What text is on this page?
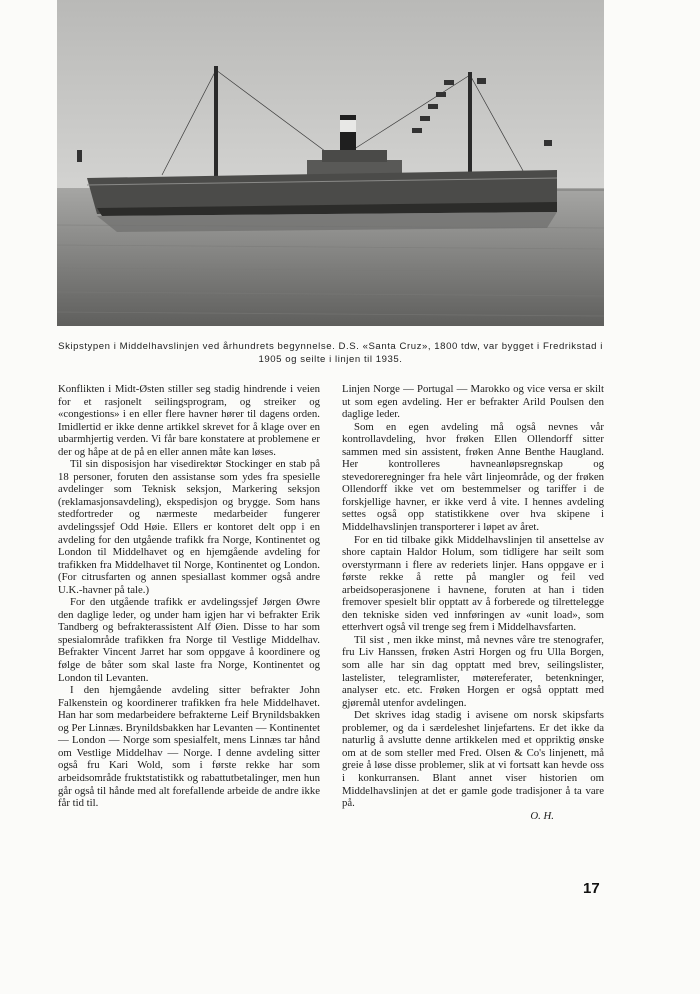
Skipstypen i Middelhavslinjen ved århundrets begynnelse. D.S. «Santa Cruz», 1800 tdw, var bygget i Fredrikstad i 1905 og seilte i linjen til 1935.

Konflikten i Midt-Østen stiller seg stadig hindrende i veien for et rasjonelt seilingsprogram, og streiker og «congestions» i en eller flere havner hører til dagens orden. Imidlertid er ikke denne artikkel skrevet for å klage over en ubarmhjertig verden. Vi får bare konstatere at problemene er der og håpe at de på en eller annen måte kan løses.

Til sin disposisjon har visedirektør Stockinger en stab på 18 personer, foruten den assistanse som ydes fra spesielle avdelinger som Teknisk seksjon, Markering seksjon (reklamasjonsavdeling), ekspedisjon og brygge. Som hans stedfortreder og nærmeste medarbeider fungerer avdelingssjef Odd Høie. Ellers er kontoret delt opp i en avdeling for den utgående trafikk fra Norge, Kontinentet og London til Middelhavet og en hjemgående avdeling for trafikken fra Middelhavet til Norge, Kontinentet og London. (For citrusfarten og annen spesiallast kommer også andre U.K.-havner på tale.)

For den utgående trafikk er avdelingssjef Jørgen Øwre den daglige leder, og under ham igjen har vi befrakter Erik Tandberg og befrakterassistent Alf Øien. Disse to har som spesialområde trafikken fra Norge til Vestlige Middelhav. Befrakter Vincent Jarret har som oppgave å koordinere og følge de båter som skal laste fra Norge, Kontinentet og London til Levanten.

I den hjemgående avdeling sitter befrakter John Falkenstein og koordinerer trafikken fra hele Middelhavet. Han har som medarbeidere befrakterne Leif Brynildsbakken og Per Linnæs. Brynildsbakken har Levanten — Kontinentet — London — Norge som spesialfelt, mens Linnæs tar hånd om Vestlige Middelhav — Norge. I denne avdeling sitter også fru Kari Wold, som i første rekke har som arbeidsområde fruktstatistikk og rabattutbetalinger, men hun går også til hånde med alt forefallende arbeide de andre ikke får tid til.

Linjen Norge — Portugal — Marokko og vice versa er skilt ut som egen avdeling. Her er befrakter Arild Poulsen den daglige leder.

Som en egen avdeling må også nevnes vår kontrollavdeling, hvor frøken Ellen Ollendorff sitter sammen med sin assistent, frøken Anne Benthe Haugland. Her kontrolleres havneanløpsregnskap og stevedoreregninger fra hele vårt linjeområde, og der frøken Ollendorff ikke vet om bestemmelser og tariffer i de forskjellige havner, er ikke verd å vite. I hennes avdeling settes også opp statistikkene over hva skipene i Middelhavslinjen transporterer i løpet av året.

For en tid tilbake gikk Middelhavslinjen til ansettelse av shore captain Haldor Holum, som tidligere har seilt som overstyrmann i flere av rederiets linjer. Hans oppgave er i første rekke å rette på mangler og feil ved arbeidsoperasjonene i havnene, foruten at han i tiden fremover spesielt blir opptatt av å forberede og tilrettelegge den tekniske siden ved innføringen av «unit load», som etterhvert også vil trenge seg frem i Middelhavsfarten.

Til sist , men ikke minst, må nevnes våre tre stenografer, fru Liv Hanssen, frøken Astri Horgen og fru Ulla Borgen, som alle har sin dag opptatt med brev, seilingslister, lastelister, telegramlister, møtereferater, betenkninger, analyser etc. etc. Frøken Horgen er også opptatt med gjøremål utenfor avdelingen.

Det skrives idag stadig i avisene om norsk skipsfarts problemer, og da i særdeleshet linjefartens. Er det ikke da naturlig å avslutte denne artikkelen med et oppriktig ønske om at de som steller med Fred. Olsen & Co's linjenett, må greie å løse disse problemer, slik at vi fortsatt kan hevde oss i konkurransen. Blant annet viser historien om Middelhavslinjen at det er gamle gode tradisjoner å ta vare på.

O. H.

17
